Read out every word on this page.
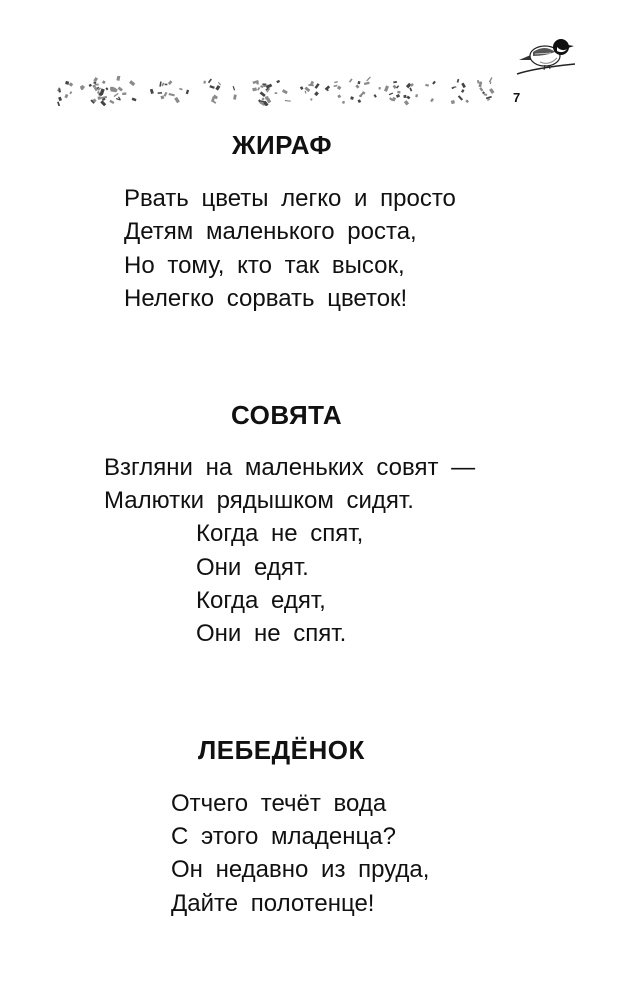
7
ЖИРАФ

Рвать цветы легко и просто

Детям маленького роста,

Но тому, кто так высок,

Нелегко сорвать цветок!

СОВЯТА

Взгляни на маленьких совят —

Малютки рядышком сидят.

Когда не спят,

Они едят.

Когда едят,

Они не спят.

ЛЕБЕДЁНОК

Отчего течёт вода

С этого младенца?

Он недавно из пруда,

Дайте полотенце!
